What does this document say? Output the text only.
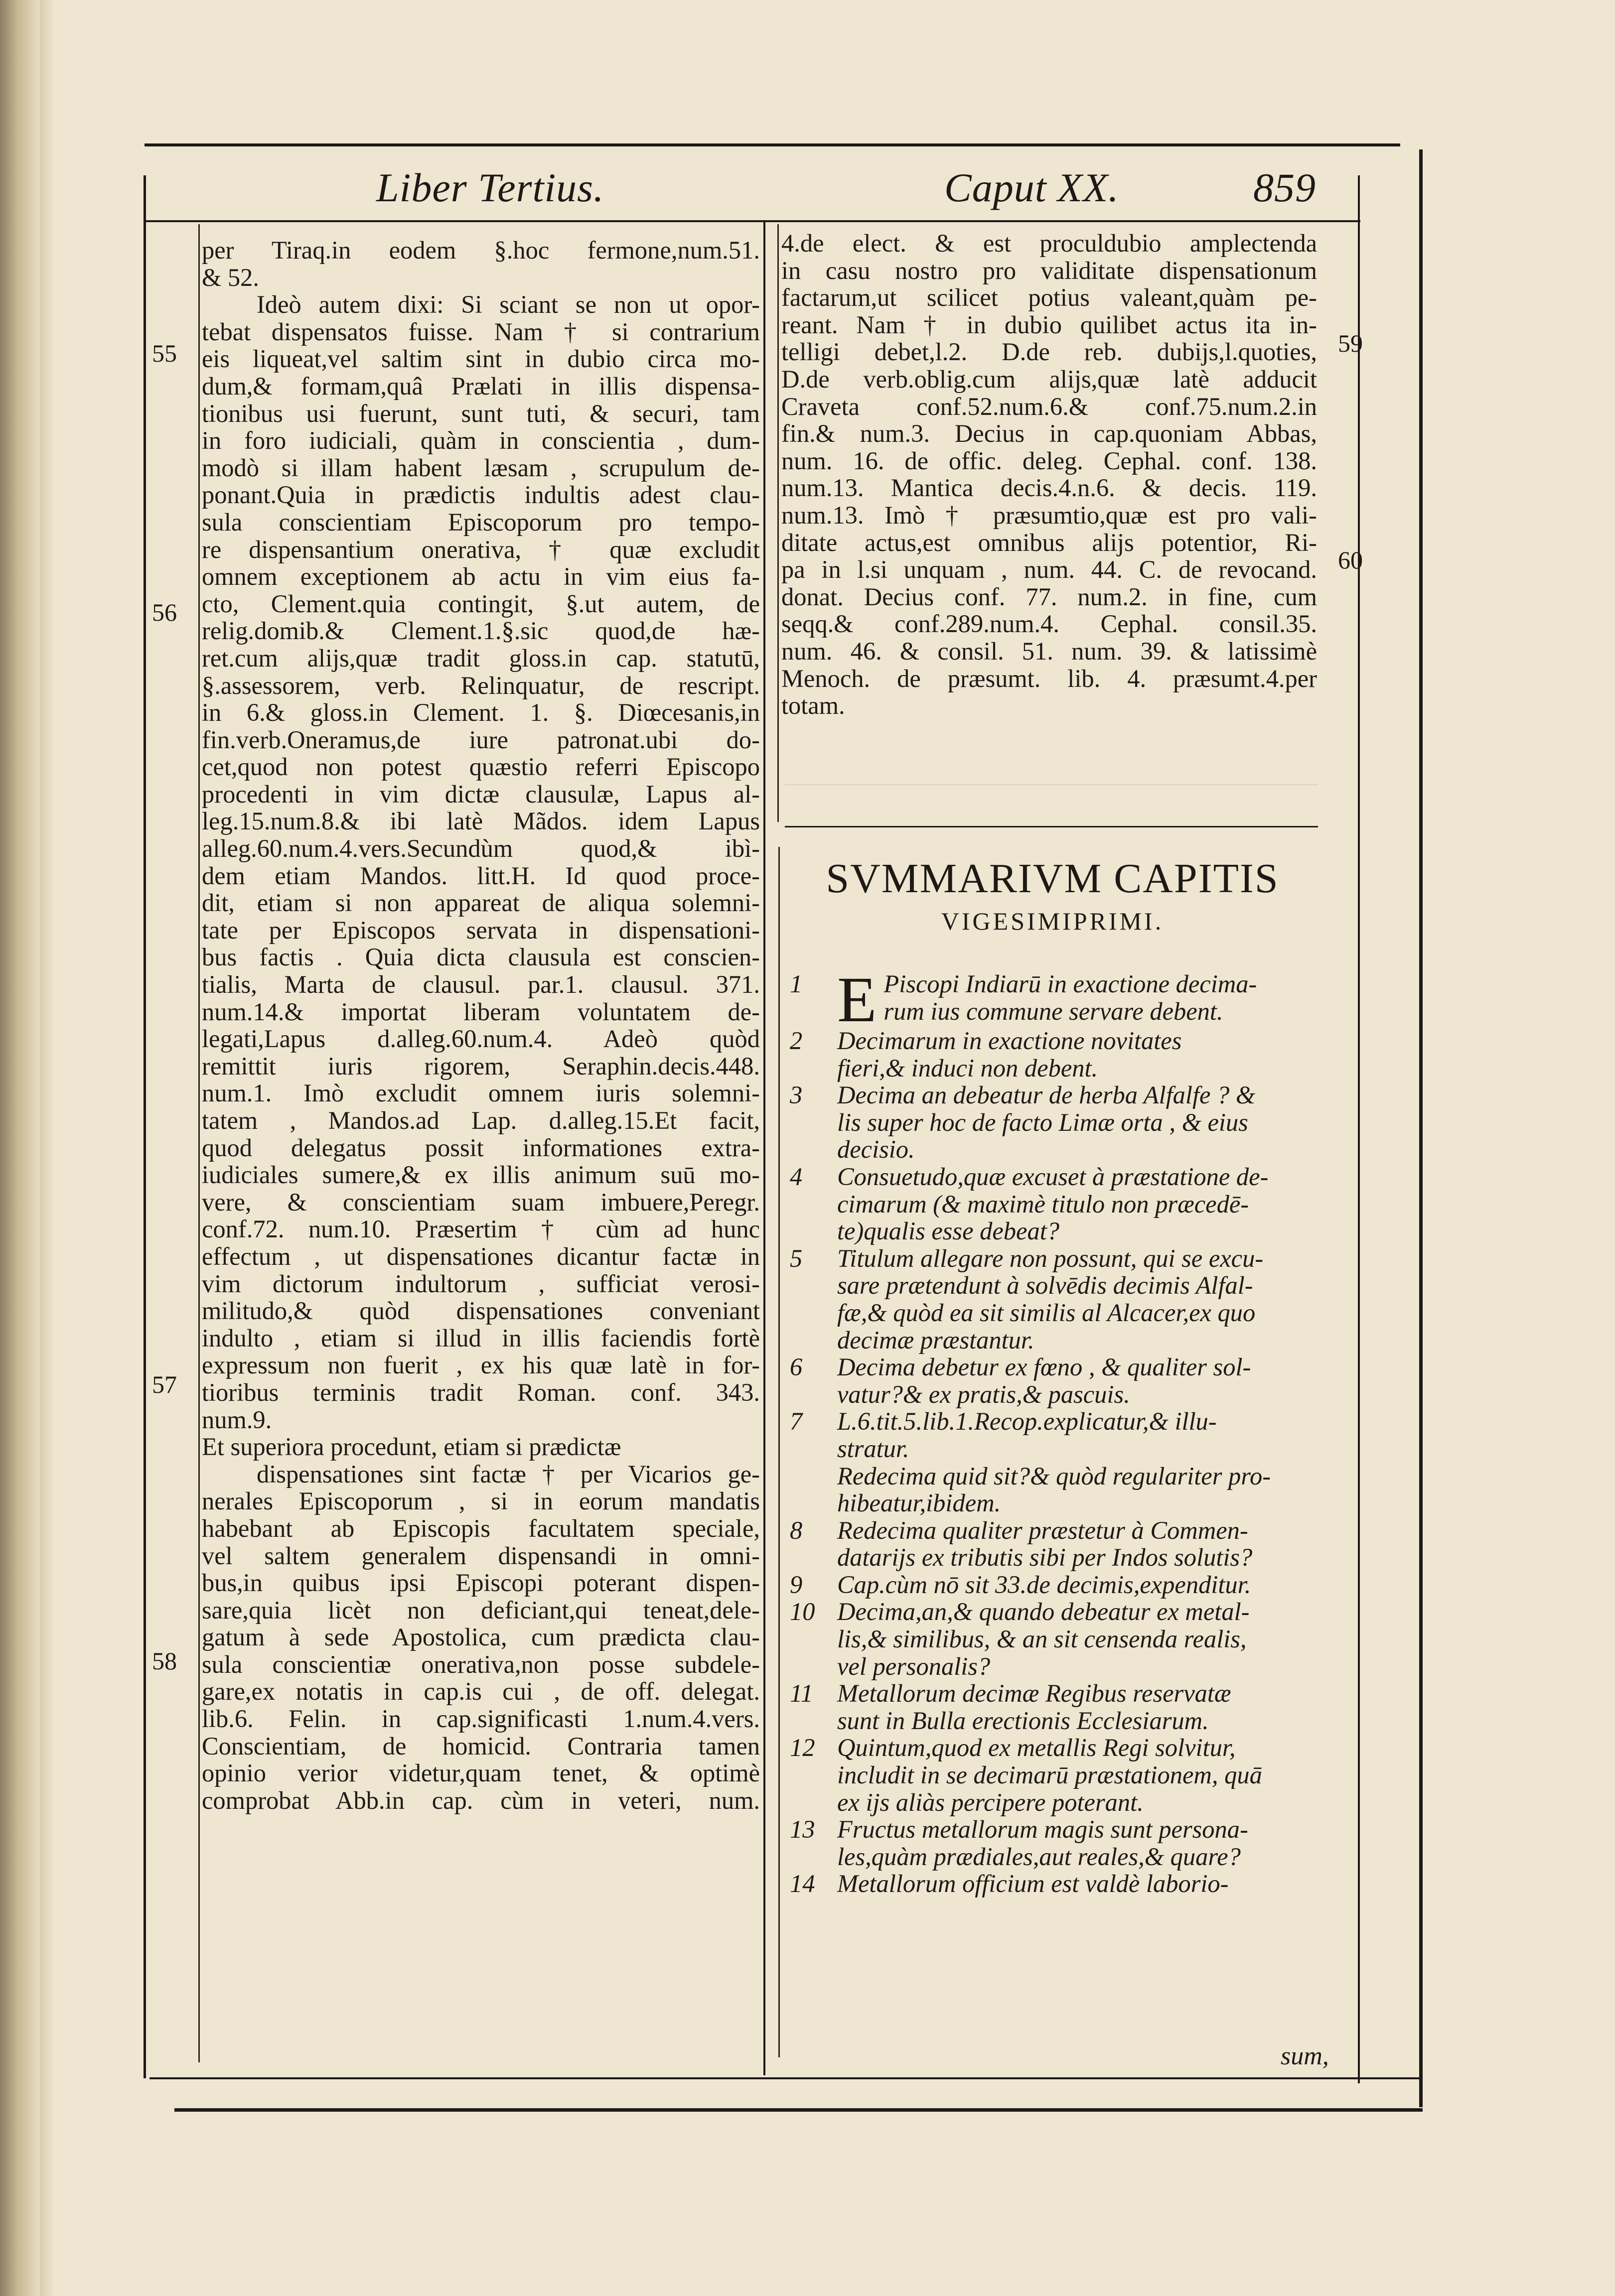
Liber Tertius.	Caput XX.	859
per Tiraq.in eodem §.hoc fermone,num.51.
& 52.
Ideò autem dixi: Si sciant se non ut opor-
tebat dispensatos fuisse. Nam † si contrarium
eis liqueat,vel saltim sint in dubio circa mo-
dum,& formam,quâ Prælati in illis dispensa-
tionibus usi fuerunt, sunt tuti, & securi, tam
in foro iudiciali, quàm in conscientia , dum-
modò si illam habent læsam , scrupulum de-
ponant.Quia in prædictis indultis adest clau-
sula conscientiam Episcoporum pro tempo-
re dispensantium onerativa, † quæ excludit
omnem exceptionem ab actu in vim eius fa-
cto, Clement.quia contingit, §.ut autem, de
relig.domib.& Clement.1.§.sic quod,de hæ-
ret.cum alijs,quæ tradit gloss.in cap. statutū,
§.assessorem, verb. Relinquatur, de rescript.
in 6.& gloss.in Clement. 1. §. Diœcesanis,in
fin.verb.Oneramus,de iure patronat.ubi do-
cet,quod non potest quæstio referri Episcopo
procedenti in vim dictæ clausulæ, Lapus al-
leg.15.num.8.& ibi latè Mãdos. idem Lapus
alleg.60.num.4.vers.Secundùm quod,& ibì-
dem etiam Mandos. litt.H. Id quod proce-
dit, etiam si non appareat de aliqua solemni-
tate per Episcopos servata in dispensationi-
bus factis . Quia dicta clausula est conscien-
tialis, Marta de clausul. par.1. clausul. 371.
num.14.& importat liberam voluntatem de-
legati,Lapus d.alleg.60.num.4. Adeò quòd
remittit iuris rigorem, Seraphin.decis.448.
num.1. Imò excludit omnem iuris solemni-
tatem , Mandos.ad Lap. d.alleg.15.Et facit,
quod delegatus possit informationes extra-
iudiciales sumere,& ex illis animum suū mo-
vere, & conscientiam suam imbuere,Peregr.
conf.72. num.10. Præsertim † cùm ad hunc
effectum , ut dispensationes dicantur factæ in
vim dictorum indultorum , sufficiat verosi-
militudo,& quòd dispensationes conveniant
indulto , etiam si illud in illis faciendis fortè
expressum non fuerit , ex his quæ latè in for-
tioribus terminis tradit Roman. conf. 343.
num.9.
Et superiora procedunt, etiam si prædictæ
dispensationes sint factæ † per Vicarios ge-
nerales Episcoporum , si in eorum mandatis
habebant ab Episcopis facultatem speciale,
vel saltem generalem dispensandi in omni-
bus,in quibus ipsi Episcopi poterant dispen-
sare,quia licèt non deficiant,qui teneat,dele-
gatum à sede Apostolica, cum prædicta clau-
sula conscientiæ onerativa,non posse subdele-
gare,ex notatis in cap.is cui , de off. delegat.
lib.6. Felin. in cap.significasti 1.num.4.vers.
Conscientiam, de homicid. Contraria tamen
opinio verior videtur,quam tenet, & optimè
comprobat Abb.in cap. cùm in veteri, num.
4.de elect. & est proculdubio amplectenda
in casu nostro pro validitate dispensationum
factarum,ut scilicet potius valeant,quàm pe-
reant. Nam † in dubio quilibet actus ita in-
telligi debet,l.2. D.de reb. dubijs,l.quoties,
D.de verb.oblig.cum alijs,quæ latè adducit
Craveta conf.52.num.6.& conf.75.num.2.in
fin.& num.3. Decius in cap.quoniam Abbas,
num. 16. de offic. deleg. Cephal. conf. 138.
num.13. Mantica decis.4.n.6. & decis. 119.
num.13. Imò † præsumtio,quæ est pro vali-
ditate actus,est omnibus alijs potentior, Ri-
pa in l.si unquam , num. 44. C. de revocand.
donat. Decius conf. 77. num.2. in fine, cum
seqq.& conf.289.num.4. Cephal. consil.35.
num. 46. & consil. 51. num. 39. & latissimè
Menoch. de præsumt. lib. 4. præsumt.4.per
totam.
55
56
57
58
59
60
SVMMARIVM CAPITIS
VIGESIMIPRIMI.
1 E Piscopi Indiarū in exactione decima-
rum ius commune servare debent.
2	Decimarum in exactione novitates
fieri,& induci non debent.
3	Decima an debeatur de herba Alfalfe ? &
lis super hoc de facto Limæ orta , & eius
decisio.
4	Consuetudo,quæ excuset à præstatione de-
cimarum (& maximè titulo non præcedē-
te)qualis esse debeat?
5	Titulum allegare non possunt, qui se excu-
sare prætendunt à solvēdis decimis Alfal-
fæ,& quòd ea sit similis al Alcacer,ex quo
decimæ præstantur.
6	Decima debetur ex fœno , & qualiter sol-
vatur?& ex pratis,& pascuis.
7	L.6.tit.5.lib.1.Recop.explicatur,& illu-
stratur.
Redecima quid sit?& quòd regulariter pro-
hibeatur,ibidem.
8	Redecima qualiter præstetur à Commen-
datarijs ex tributis sibi per Indos solutis?
9	Cap.cùm nō sit 33.de decimis,expenditur.
10 Decima,an,& quando debeatur ex metal-
lis,& similibus, & an sit censenda realis,
vel personalis?
11 Metallorum decimæ Regibus reservatæ
sunt in Bulla erectionis Ecclesiarum.
12 Quintum,quod ex metallis Regi solvitur,
includit in se decimarū præstationem, quā
ex ijs aliàs percipere poterant.
13 Fructus metallorum magis sunt persona-
les,quàm prædiales,aut reales,& quare?
14 Metallorum officium est valdè laborio-
sum,
